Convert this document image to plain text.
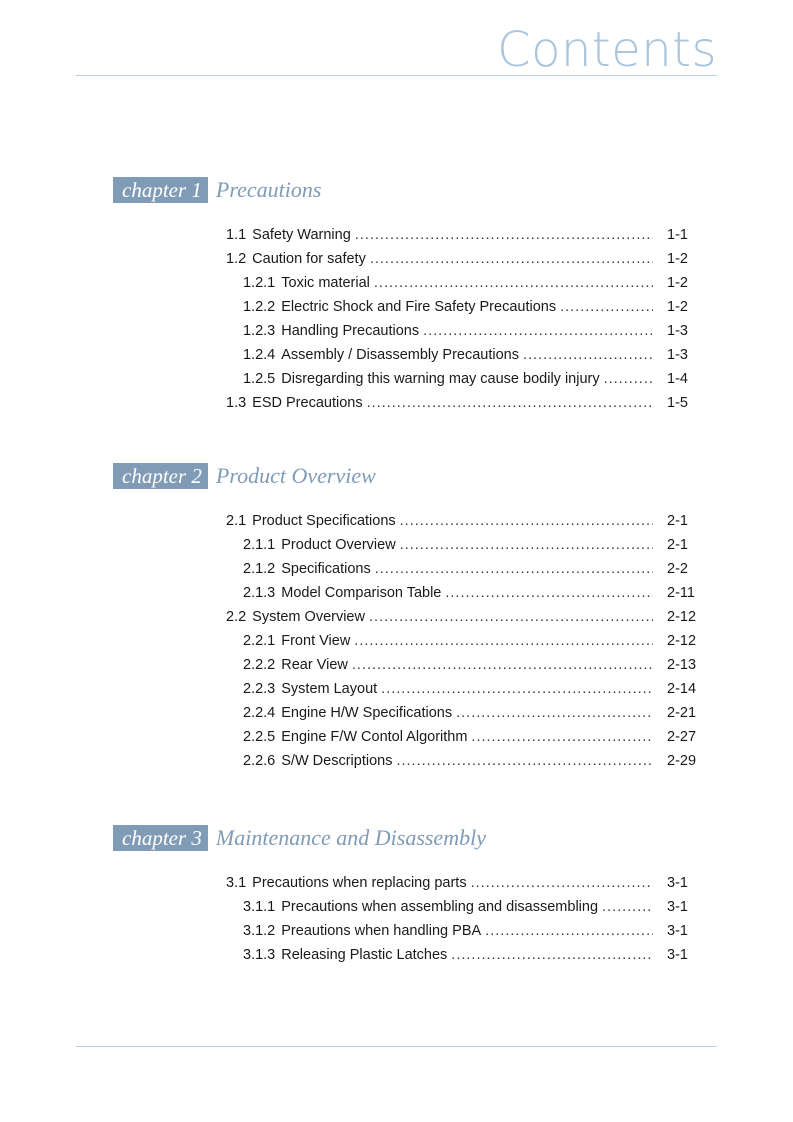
Contents
chapter 1 Precautions
1.1 Safety Warning .....	1-1
1.2 Caution for safety .....	1-2
1.2.1 Toxic material .....	1-2
1.2.2 Electric Shock and Fire Safety Precautions .....	1-2
1.2.3 Handling Precautions .....	1-3
1.2.4 Assembly / Disassembly Precautions .....	1-3
1.2.5 Disregarding this warning may cause bodily injury .....	1-4
1.3 ESD Precautions .....	1-5
chapter 2 Product Overview
2.1 Product Specifications .....	2-1
2.1.1 Product Overview .....	2-1
2.1.2 Specifications .....	2-2
2.1.3 Model Comparison Table .....	2-11
2.2 System Overview .....	2-12
2.2.1 Front View .....	2-12
2.2.2 Rear View .....	2-13
2.2.3 System Layout .....	2-14
2.2.4 Engine H/W Specifications .....	2-21
2.2.5 Engine F/W Contol Algorithm .....	2-27
2.2.6 S/W Descriptions .....	2-29
chapter 3 Maintenance and Disassembly
3.1 Precautions when replacing parts .....	3-1
3.1.1 Precautions when assembling and disassembling .....	3-1
3.1.2 Preautions when handling PBA .....	3-1
3.1.3 Releasing Plastic Latches .....	3-1
